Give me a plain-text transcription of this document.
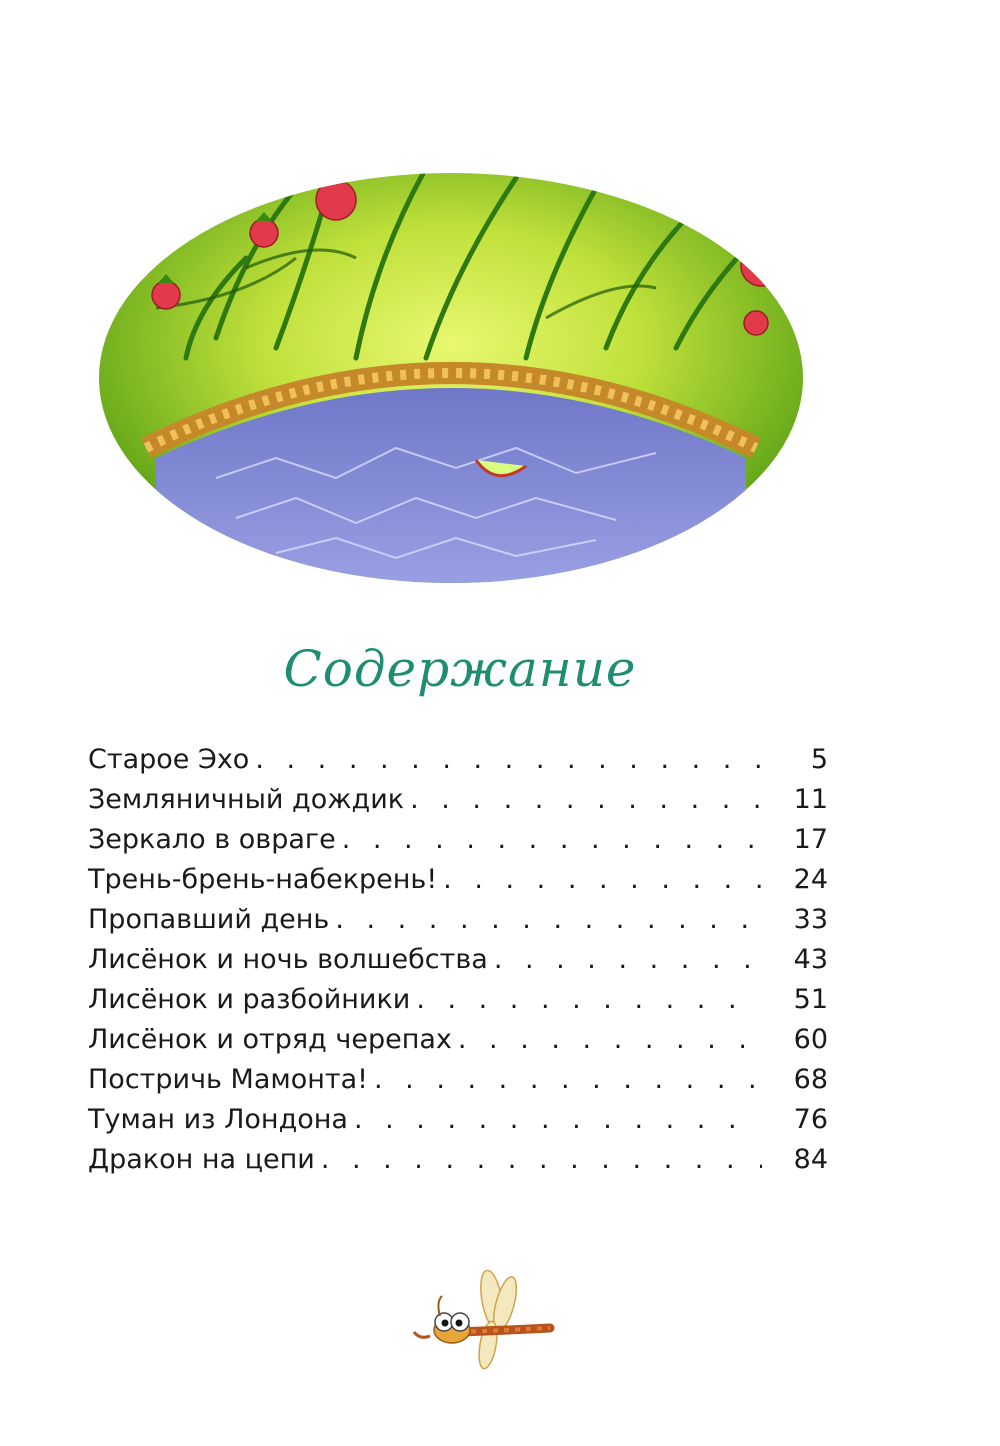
Содержание
Старое Эхо . . .	5
Земляничный дождик . . .	11
Зеркало в овраге . . .	17
Трень-брень-набекрень! . . .	24
Пропавший день . . .	33
Лисёнок и ночь волшебства . . .	43
Лисёнок и разбойники . . .	51
Лисёнок и отряд черепах . . .	60
Постричь Мамонта! . . .	68
Туман из Лондона . . .	76
Дракон на цепи . . .	84
